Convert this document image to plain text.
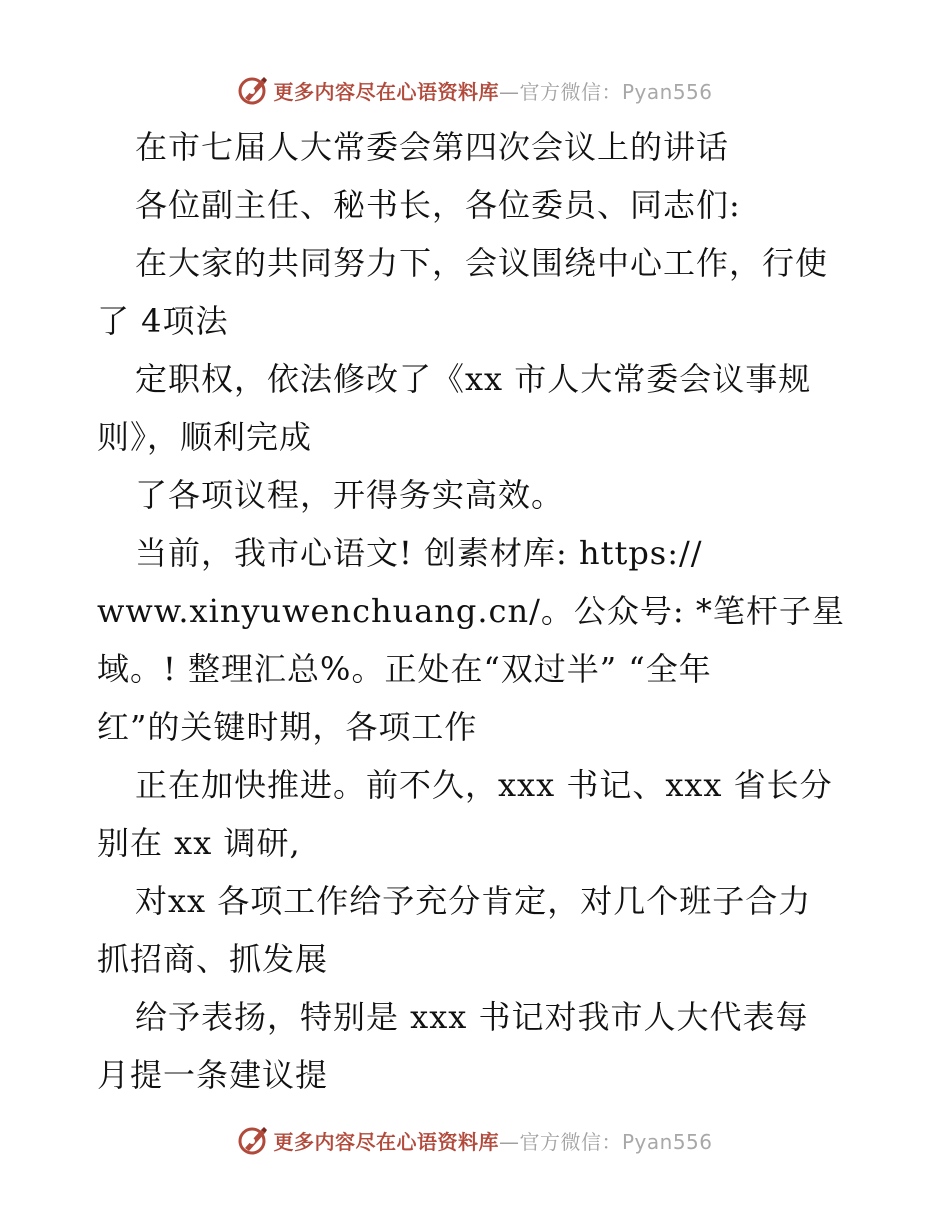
更多内容尽在心语资料库—官方微信：Pyan556
在市七届人大常委会第四次会议上的讲话
各位副主任、秘书长，各位委员、同志们:
在大家的共同努力下，会议围绕中心工作，行使
了 4项法
定职权，依法修改了《xx 市人大常委会议事规
则》，顺利完成
了各项议程，开得务实高效。
当前，我市心语文! 创素材库: https://
www.xinyuwenchuang.cn/。公众号: *笔杆子星
域。! 整理汇总%。正处在“双过半” “全年
红”的关键时期，各项工作
正在加快推进。前不久，xxx 书记、xxx 省长分
别在 xx 调研,
对xx 各项工作给予充分肯定，对几个班子合力
抓招商、抓发展
给予表扬，特别是 xxx 书记对我市人大代表每
月提一条建议提
更多内容尽在心语资料库—官方微信：Pyan556
